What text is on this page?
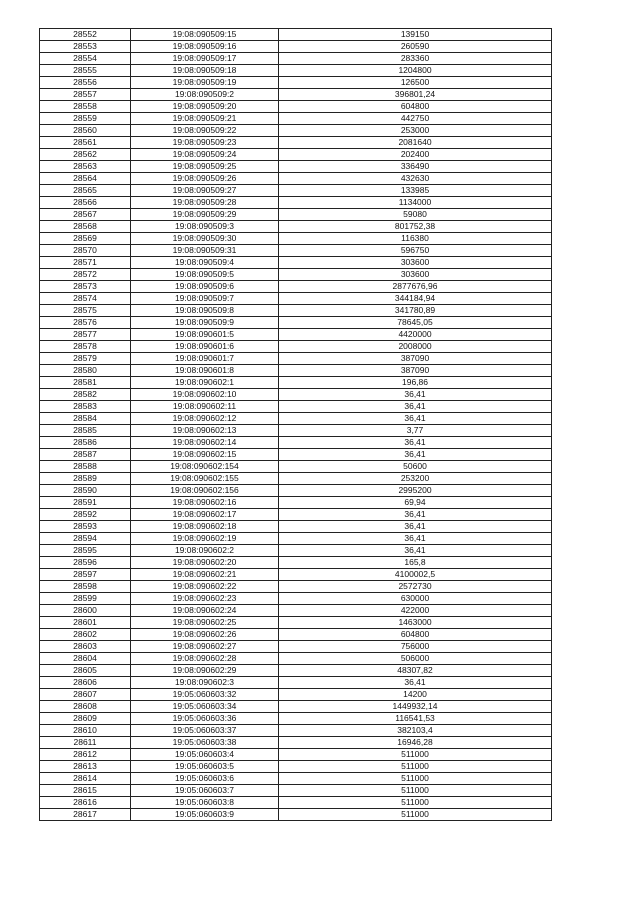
28552	19:08:090509:15	139150
28553	19:08:090509:16	260590
28554	19:08:090509:17	283360
28555	19:08:090509:18	1204800
28556	19:08:090509:19	126500
28557	19:08:090509:2	396801,24
28558	19:08:090509:20	604800
28559	19:08:090509:21	442750
28560	19:08:090509:22	253000
28561	19:08:090509:23	2081640
28562	19:08:090509:24	202400
28563	19:08:090509:25	336490
28564	19:08:090509:26	432630
28565	19:08:090509:27	133985
28566	19:08:090509:28	1134000
28567	19:08:090509:29	59080
28568	19:08:090509:3	801752,38
28569	19:08:090509:30	116380
28570	19:08:090509:31	596750
28571	19:08:090509:4	303600
28572	19:08:090509:5	303600
28573	19:08:090509:6	2877676,96
28574	19:08:090509:7	344184,94
28575	19:08:090509:8	341780,89
28576	19:08:090509:9	78645,05
28577	19:08:090601:5	4420000
28578	19:08:090601:6	2008000
28579	19:08:090601:7	387090
28580	19:08:090601:8	387090
28581	19:08:090602:1	196,86
28582	19:08:090602:10	36,41
28583	19:08:090602:11	36,41
28584	19:08:090602:12	36,41
28585	19:08:090602:13	3,77
28586	19:08:090602:14	36,41
28587	19:08:090602:15	36,41
28588	19:08:090602:154	50600
28589	19:08:090602:155	253200
28590	19:08:090602:156	2995200
28591	19:08:090602:16	69,94
28592	19:08:090602:17	36,41
28593	19:08:090602:18	36,41
28594	19:08:090602:19	36,41
28595	19:08:090602:2	36,41
28596	19:08:090602:20	165,8
28597	19:08:090602:21	4100002,5
28598	19:08:090602:22	2572730
28599	19:08:090602:23	630000
28600	19:08:090602:24	422000
28601	19:08:090602:25	1463000
28602	19:08:090602:26	604800
28603	19:08:090602:27	756000
28604	19:08:090602:28	506000
28605	19:08:090602:29	48307,82
28606	19:08:090602:3	36,41
28607	19:05:060603:32	14200
28608	19:05:060603:34	1449932,14
28609	19:05:060603:36	116541,53
28610	19:05:060603:37	382103,4
28611	19:05:060603:38	16946,28
28612	19:05:060603:4	511000
28613	19:05:060603:5	511000
28614	19:05:060603:6	511000
28615	19:05:060603:7	511000
28616	19:05:060603:8	511000
28617	19:05:060603:9	511000
